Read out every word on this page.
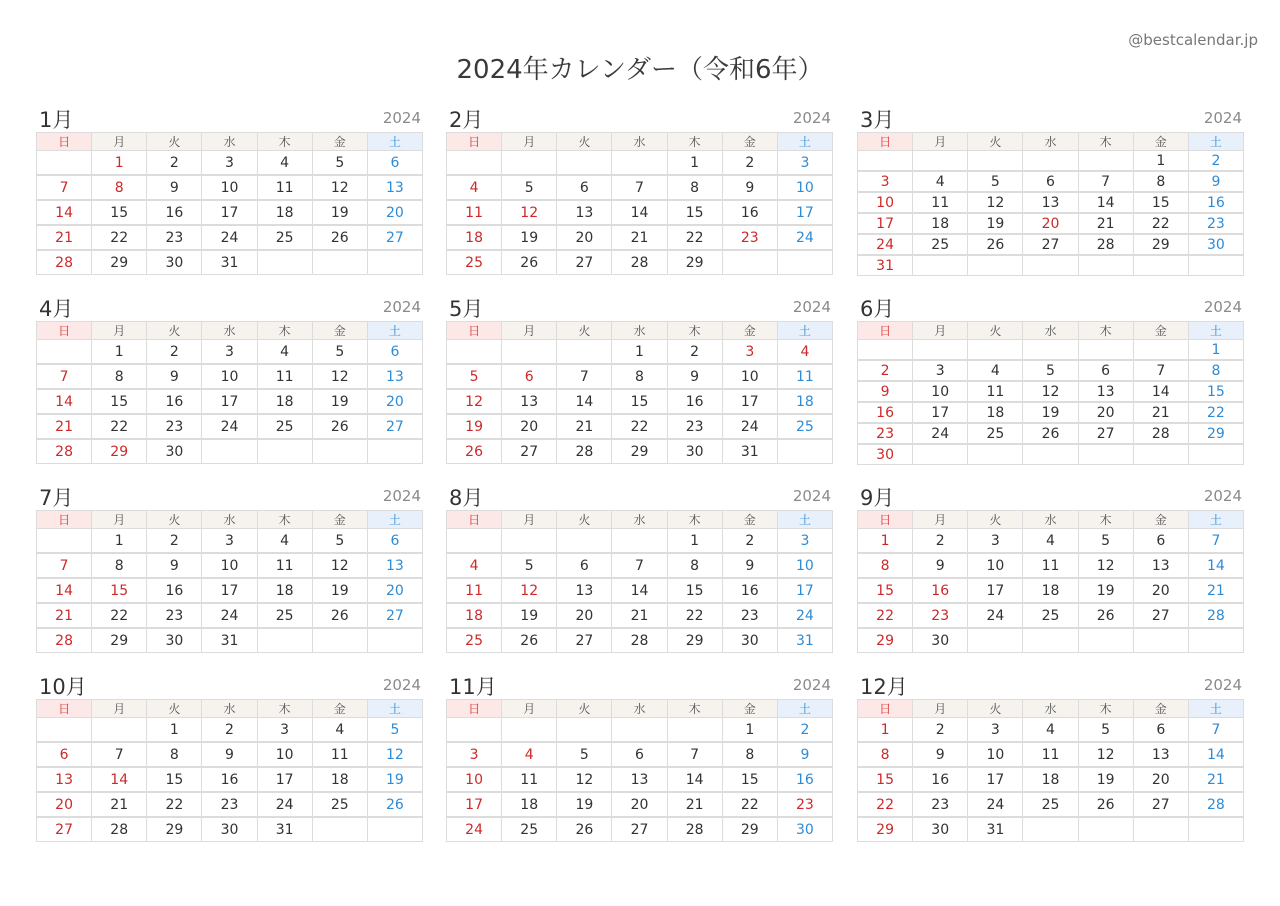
@bestcalendar.jp
2024年カレンダー（令和6年）
1月	2024
日	月	火	水	木	金	土
	1	2	3	4	5	6
7	8	9	10	11	12	13
14	15	16	17	18	19	20
21	22	23	24	25	26	27
28	29	30	31			
2月	2024
日	月	火	水	木	金	土
				1	2	3
4	5	6	7	8	9	10
11	12	13	14	15	16	17
18	19	20	21	22	23	24
25	26	27	28	29		
3月	2024
日	月	火	水	木	金	土
					1	2
3	4	5	6	7	8	9
10	11	12	13	14	15	16
17	18	19	20	21	22	23
24	25	26	27	28	29	30
31						
4月	2024
日	月	火	水	木	金	土
	1	2	3	4	5	6
7	8	9	10	11	12	13
14	15	16	17	18	19	20
21	22	23	24	25	26	27
28	29	30				
5月	2024
日	月	火	水	木	金	土
			1	2	3	4
5	6	7	8	9	10	11
12	13	14	15	16	17	18
19	20	21	22	23	24	25
26	27	28	29	30	31	
6月	2024
日	月	火	水	木	金	土
						1
2	3	4	5	6	7	8
9	10	11	12	13	14	15
16	17	18	19	20	21	22
23	24	25	26	27	28	29
30						
7月	2024
日	月	火	水	木	金	土
	1	2	3	4	5	6
7	8	9	10	11	12	13
14	15	16	17	18	19	20
21	22	23	24	25	26	27
28	29	30	31			
8月	2024
日	月	火	水	木	金	土
				1	2	3
4	5	6	7	8	9	10
11	12	13	14	15	16	17
18	19	20	21	22	23	24
25	26	27	28	29	30	31
9月	2024
日	月	火	水	木	金	土
1	2	3	4	5	6	7
8	9	10	11	12	13	14
15	16	17	18	19	20	21
22	23	24	25	26	27	28
29	30					
10月	2024
日	月	火	水	木	金	土
		1	2	3	4	5
6	7	8	9	10	11	12
13	14	15	16	17	18	19
20	21	22	23	24	25	26
27	28	29	30	31		
11月	2024
日	月	火	水	木	金	土
					1	2
3	4	5	6	7	8	9
10	11	12	13	14	15	16
17	18	19	20	21	22	23
24	25	26	27	28	29	30
12月	2024
日	月	火	水	木	金	土
1	2	3	4	5	6	7
8	9	10	11	12	13	14
15	16	17	18	19	20	21
22	23	24	25	26	27	28
29	30	31				
